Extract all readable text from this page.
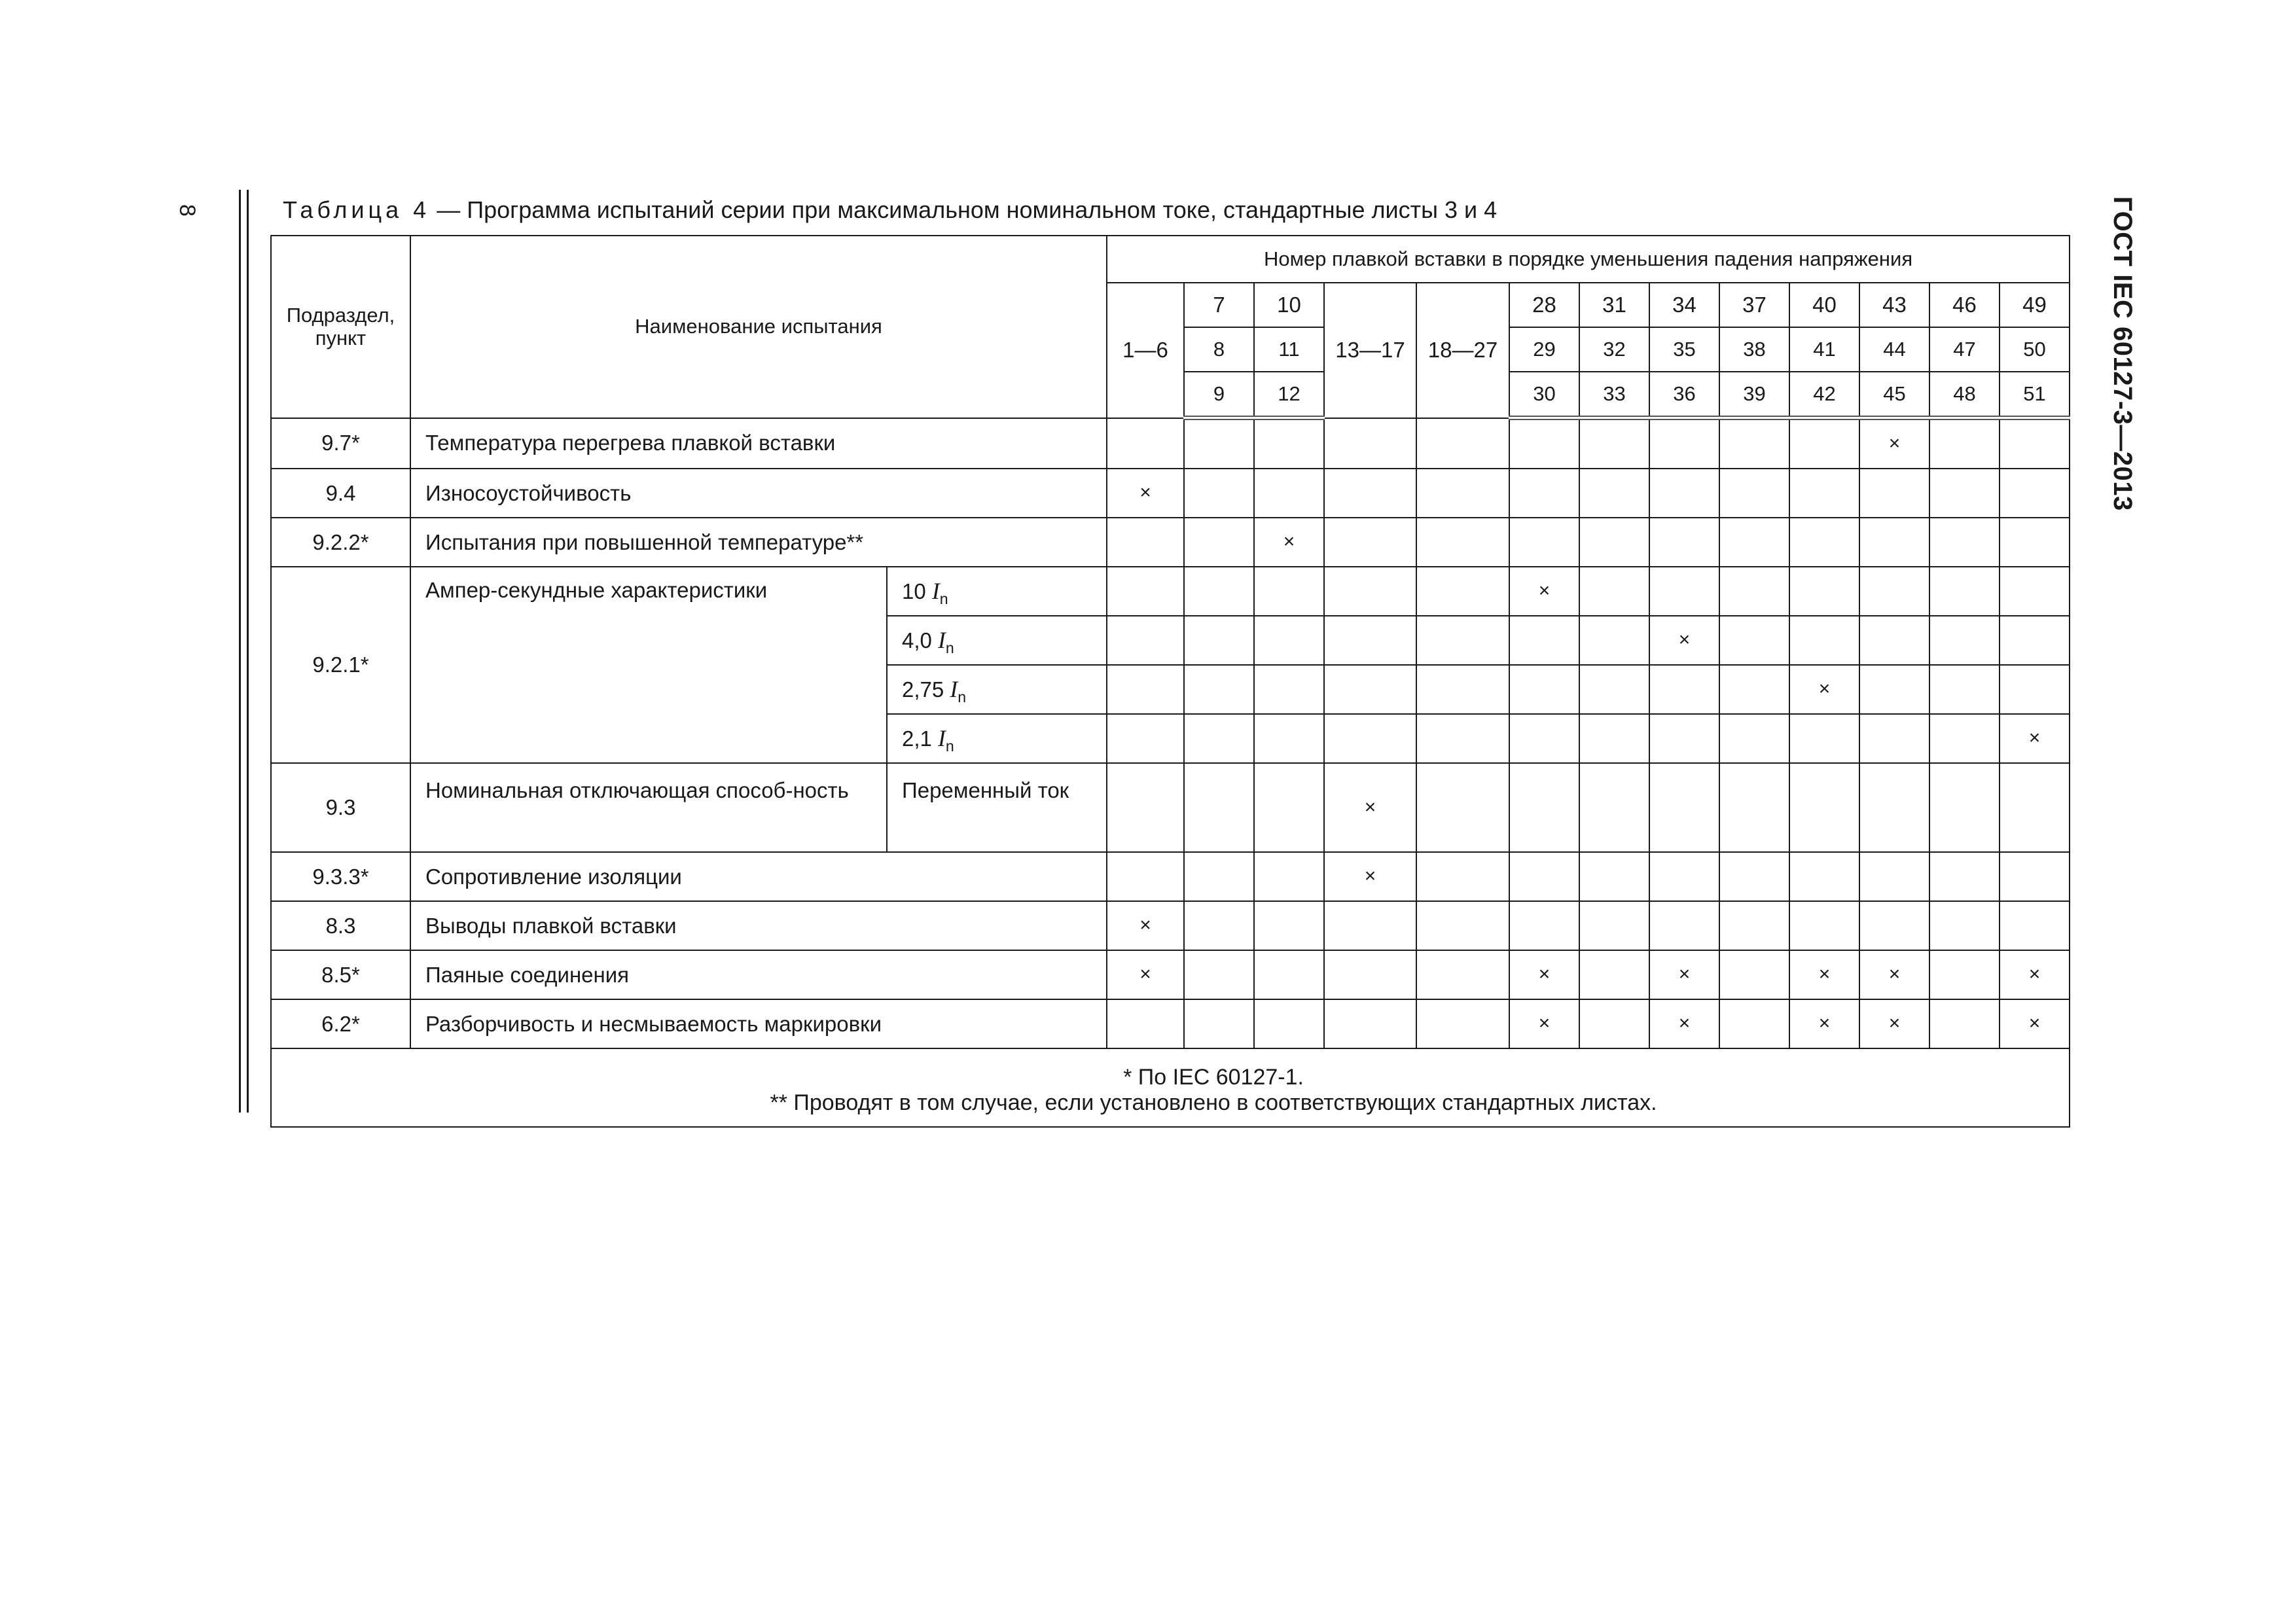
8	ГОСТ IEC 60127-3—2013
Таблица 4 — Программа испытаний серии при максимальном номинальном токе, стандартные листы 3 и 4
Подраздел, пункт	Наименование испытания		Номер плавкой вставки в порядке уменьшения падения напряжения												
			1—6	7	10	13—17	18—27	28	31	34	37	40	43	46	49
				8	11			29	32	35	38	41	44	47	50
				9	12			30	33	36	39	42	45	48	51
9.7*	Температура перегрева плавкой вставки												×		
9.4	Износоустойчивость		×												
9.2.2*	Испытания при повышенной температуре**				×										
9.2.1*	Ампер-секундные характеристики	10 $I_n$						×							
		4,0 $I_n$								×					
		2,75 $I_n$										×			
		2,1 $I_n$													×
9.3	Номинальная отключающая способ-ность	Переменный ток				×									
9.3.3*	Сопротивление изоляции					×									
8.3	Выводы плавкой вставки		×												
8.5*	Паяные соединения		×					×		×		×	×		×
6.2*	Разборчивость и несмываемость маркировки							×		×		×	×		×

* По IEC 60127-1.
** Проводят в том случае, если установлено в соответствующих стандартных листах.															
